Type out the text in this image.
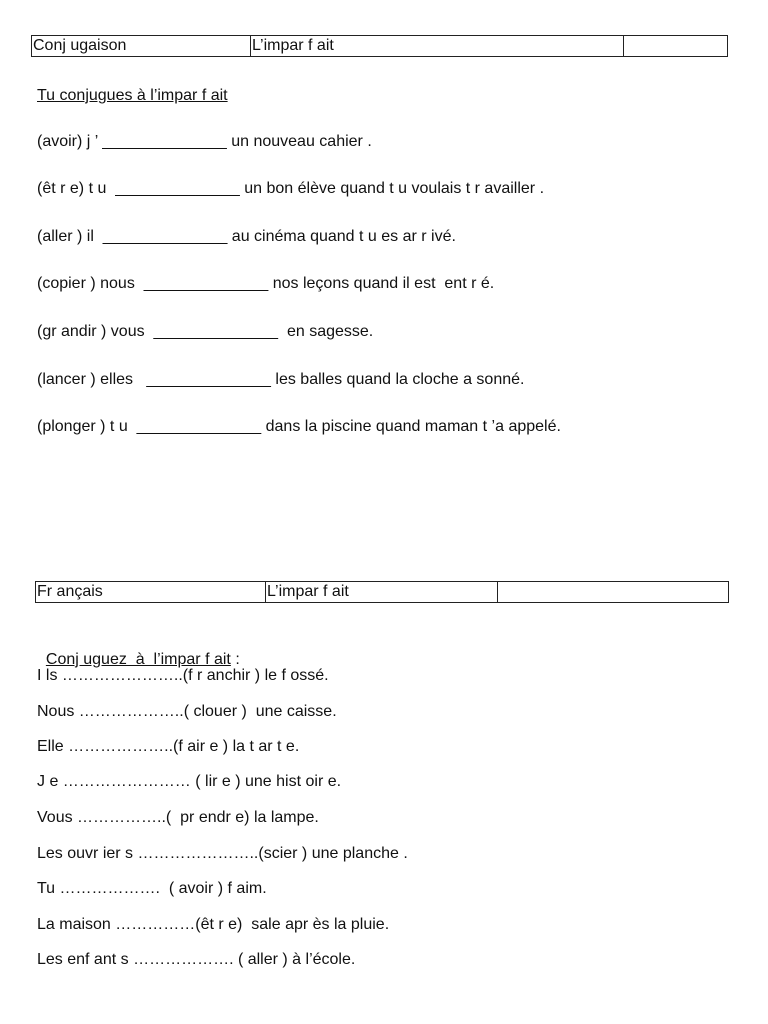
Conj ugaison	L’impar f ait	
Tu conjugues à l’impar f ait
(avoir) j ’ ______________ un nouveau cahier .
(êt r e) t u  ______________ un bon élève quand t u voulais t r availler .
(aller ) il  ______________ au cinéma quand t u es ar r ivé.
(copier ) nous  ______________ nos leçons quand il est  ent r é.
(gr andir ) vous  ______________  en sagesse.
(lancer ) elles   ______________ les balles quand la cloche a sonné.
(plonger ) t u  ______________ dans la piscine quand maman t ’a appelé.
Fr ançais	L’impar f ait	

Conj uguez  à  l’impar f ait :

I ls …………………..(f r anchir ) le f ossé.
Nous ………………..( clouer )  une caisse.
Elle ………………..(f air e ) la t ar t e.
J e …………………… ( lir e ) une hist oir e.
Vous ……………..(  pr endr e) la lampe.
Les ouvr ier s …………………..(scier ) une planche .
Tu ……………….  ( avoir ) f aim.
La maison ……………(êt r e)  sale apr ès la pluie.
Les enf ant s ………………. ( aller ) à l’école.
